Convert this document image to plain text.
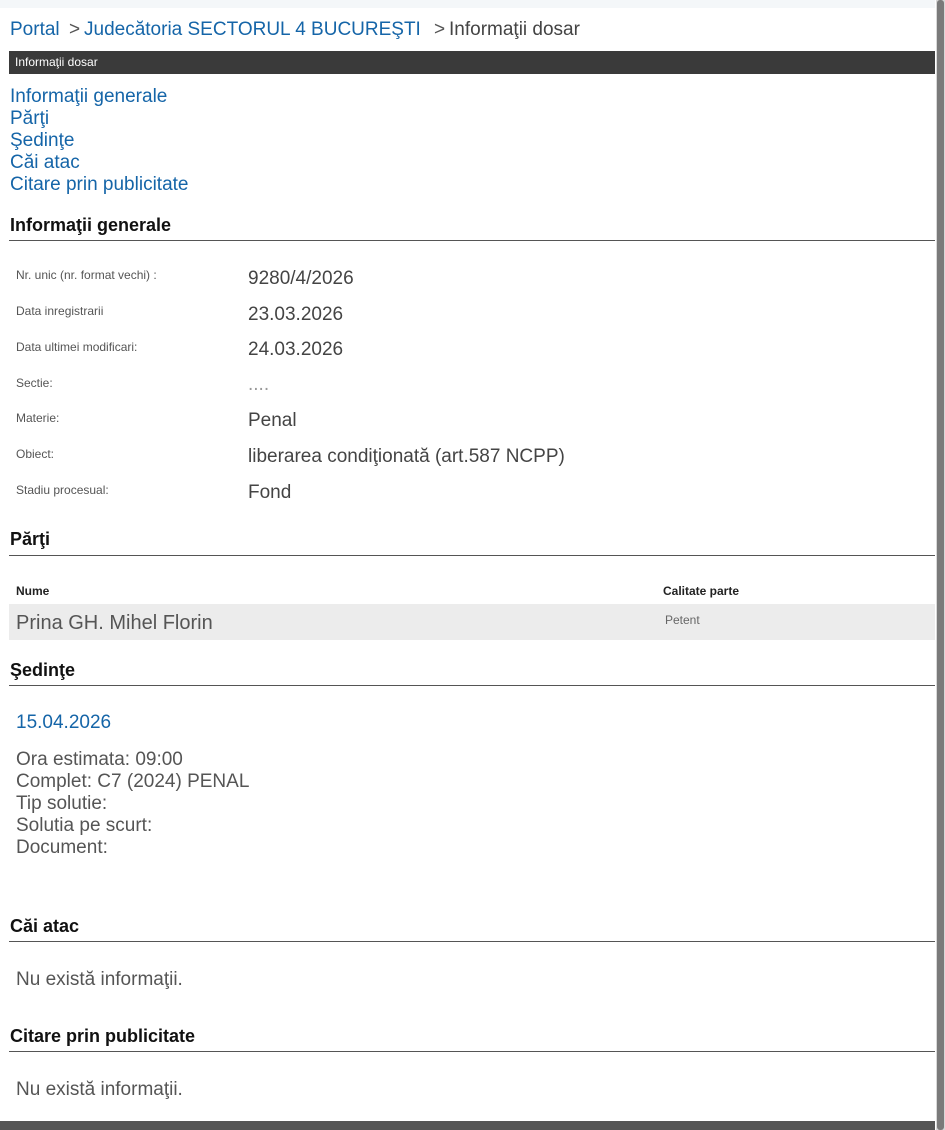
Portal > Judecătoria SECTORUL 4 BUCUREŞTI > Informaţii dosar
Informaţii dosar
Informaţii generale
Părţi
Şedinţe
Căi atac
Citare prin publicitate
Informaţii generale
Nr. unic (nr. format vechi) :	9280/4/2026
Data inregistrarii	23.03.2026
Data ultimei modificari:	24.03.2026
Sectie:	....
Materie:	Penal
Obiect:	liberarea condiţionată (art.587 NCPP)
Stadiu procesual:	Fond
Părţi
Nume	Calitate parte
Prina GH. Mihel Florin	Petent
Şedinţe
15.04.2026
Ora estimata: 09:00
Complet: C7 (2024) PENAL
Tip solutie:
Solutia pe scurt:
Document:
Căi atac
Nu există informaţii.
Citare prin publicitate
Nu există informaţii.
